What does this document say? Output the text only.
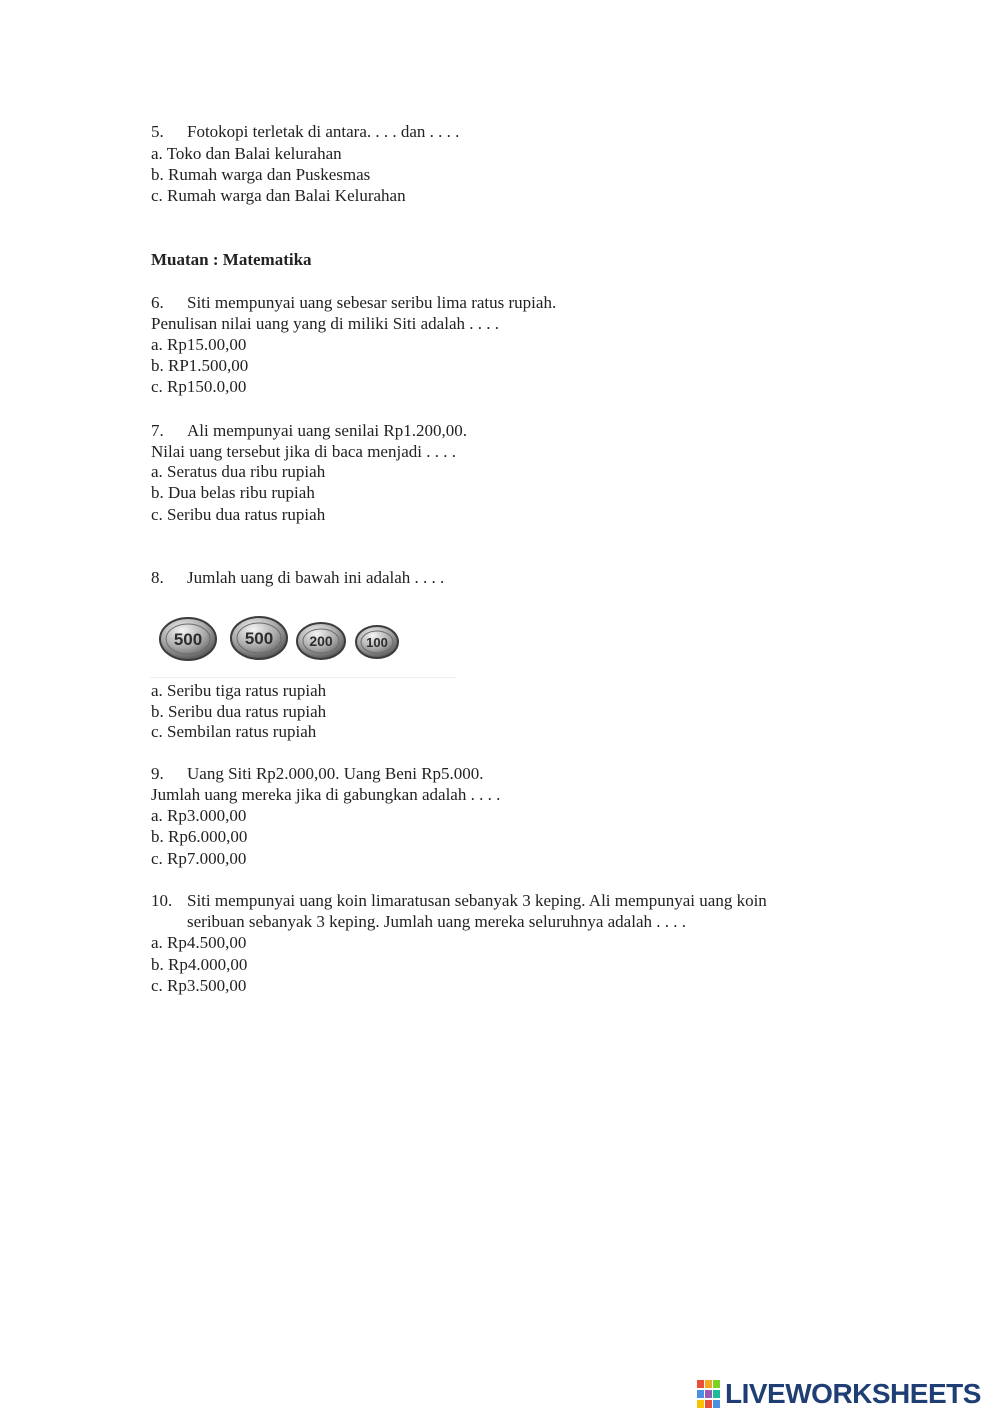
5. Fotokopi terletak di antara. . . . dan . . . .
a. Toko dan Balai kelurahan
b. Rumah warga dan Puskesmas
c. Rumah warga dan Balai Kelurahan
Muatan : Matematika
6. Siti mempunyai uang sebesar seribu lima ratus rupiah.
Penulisan nilai uang yang di miliki Siti adalah . . . .
a. Rp15.00,00
b. RP1.500,00
c. Rp150.0,00
7. Ali mempunyai uang senilai Rp1.200,00.
Nilai uang tersebut jika di baca menjadi . . . .
a. Seratus dua ribu rupiah
b. Dua belas ribu rupiah
c. Seribu dua ratus rupiah
8. Jumlah uang di bawah ini adalah . . . .
500	500	200	100
a. Seribu tiga ratus rupiah
b. Seribu dua ratus rupiah
c. Sembilan ratus rupiah
9. Uang Siti Rp2.000,00. Uang Beni Rp5.000.
Jumlah uang mereka jika di gabungkan adalah . . . .
a. Rp3.000,00
b. Rp6.000,00
c. Rp7.000,00
10. Siti mempunyai uang koin limaratusan sebanyak 3 keping. Ali mempunyai uang koin
seribuan sebanyak 3 keping. Jumlah uang mereka seluruhnya adalah . . . .
a. Rp4.500,00
b. Rp4.000,00
c. Rp3.500,00
LIVEWORKSHEETS
